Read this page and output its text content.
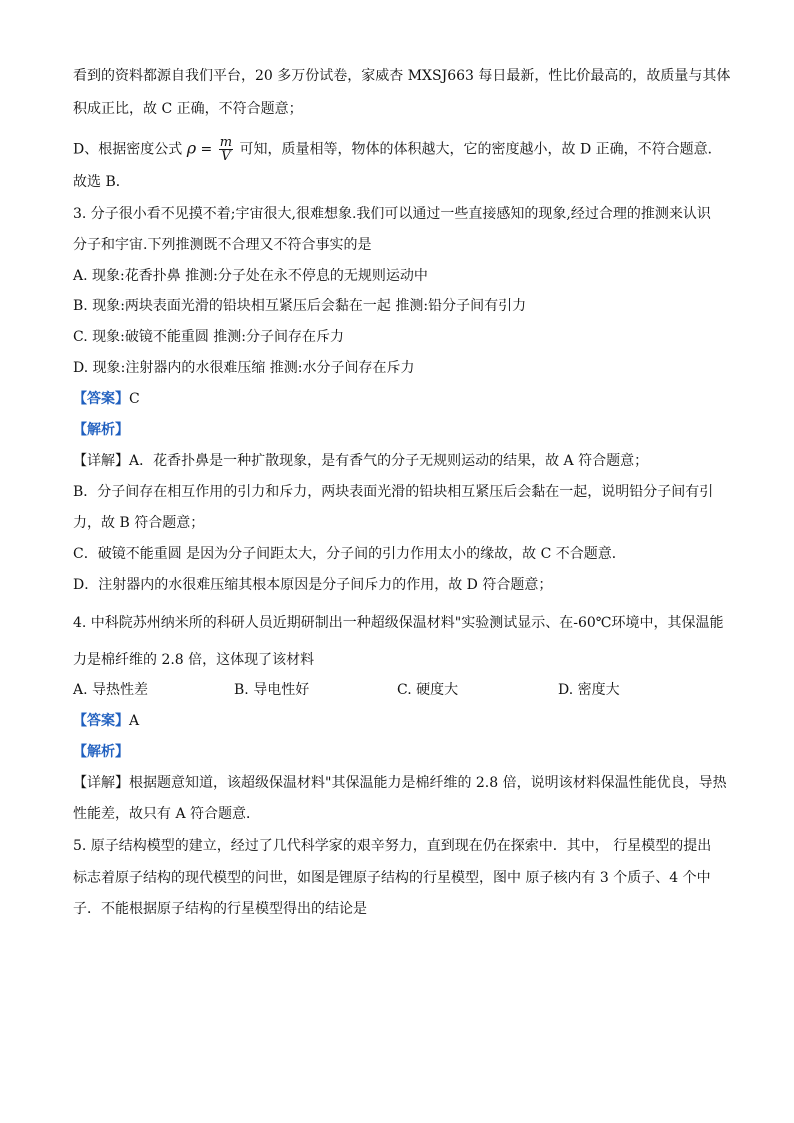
看到的资料都源自我们平台，20 多万份试卷，家威杏 MXSJ663 每日最新，性比价最高的，故质量与其体
积成正比，故 C 正确，不符合题意；
D、根据密度公式 $\rho = \frac{m}{V}$ 可知，质量相等，物体的体积越大，它的密度越小，故 D 正确，不符合题意．
故选 B．
3. 分子很小看不见摸不着;宇宙很大,很难想象.我们可以通过一些直接感知的现象,经过合理的推测来认识
分子和宇宙.下列推测既不合理又不符合事实的是
A. 现象:花香扑鼻 推测:分子处在永不停息的无规则运动中
B. 现象:两块表面光滑的铅块相互紧压后会黏在一起 推测:铅分子间有引力
C. 现象:破镜不能重圆 推测:分子间存在斥力
D. 现象:注射器内的水很难压缩 推测:水分子间存在斥力
【答案】C
【解析】
【详解】A．花香扑鼻是一种扩散现象，是有香气的分子无规则运动的结果，故 A 符合题意；
B．分子间存在相互作用的引力和斥力，两块表面光滑的铅块相互紧压后会黏在一起，说明铅分子间有引
力，故 B 符合题意；
C．破镜不能重圆 是因为分子间距太大，分子间的引力作用太小的缘故，故 C 不合题意．
D．注射器内的水很难压缩其根本原因是分子间斥力的作用，故 D 符合题意；
4. 中科院苏州纳米所的科研人员近期研制出一种超级保温材料"实验测试显示、在-60℃环境中，其保温能
力是棉纤维的 2.8 倍，这体现了该材料
A. 导热性差	B. 导电性好	C. 硬度大	D. 密度大
【答案】A
【解析】
【详解】根据题意知道，该超级保温材料"其保温能力是棉纤维的 2.8 倍，说明该材料保温性能优良，导热
性能差，故只有 A 符合题意．
5. 原子结构模型的建立，经过了几代科学家的艰辛努力，直到现在仍在探索中．其中， 行星模型的提出
标志着原子结构的现代模型的问世，如图是锂原子结构的行星模型，图中 原子核内有 3 个质子、4 个中
子．不能根据原子结构的行星模型得出的结论是
